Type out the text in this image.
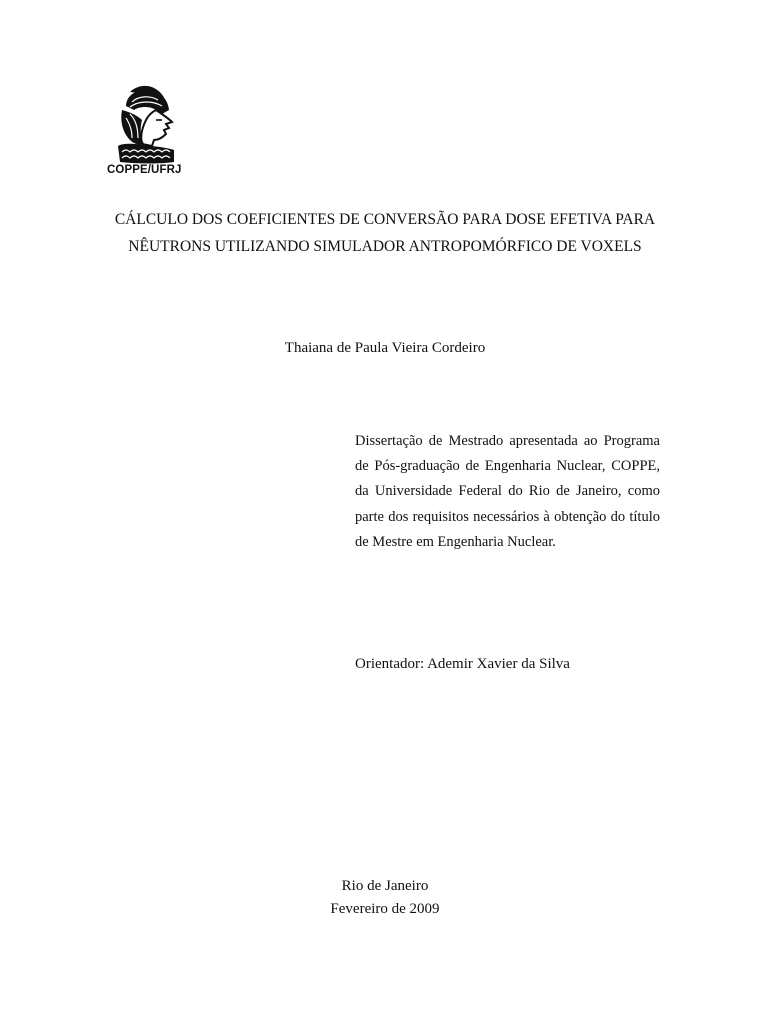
COPPE/UFRJ
CÁLCULO DOS COEFICIENTES DE CONVERSÃO PARA DOSE EFETIVA PARA
NÊUTRONS UTILIZANDO SIMULADOR ANTROPOMÓRFICO DE VOXELS
Thaiana de Paula Vieira Cordeiro
Dissertação de Mestrado apresentada ao Programa de Pós-graduação de Engenharia Nuclear, COPPE, da Universidade Federal do Rio de Janeiro, como parte dos requisitos necessários à obtenção do título de Mestre em Engenharia Nuclear.
Orientador: Ademir Xavier da Silva
Rio de Janeiro
Fevereiro de 2009
